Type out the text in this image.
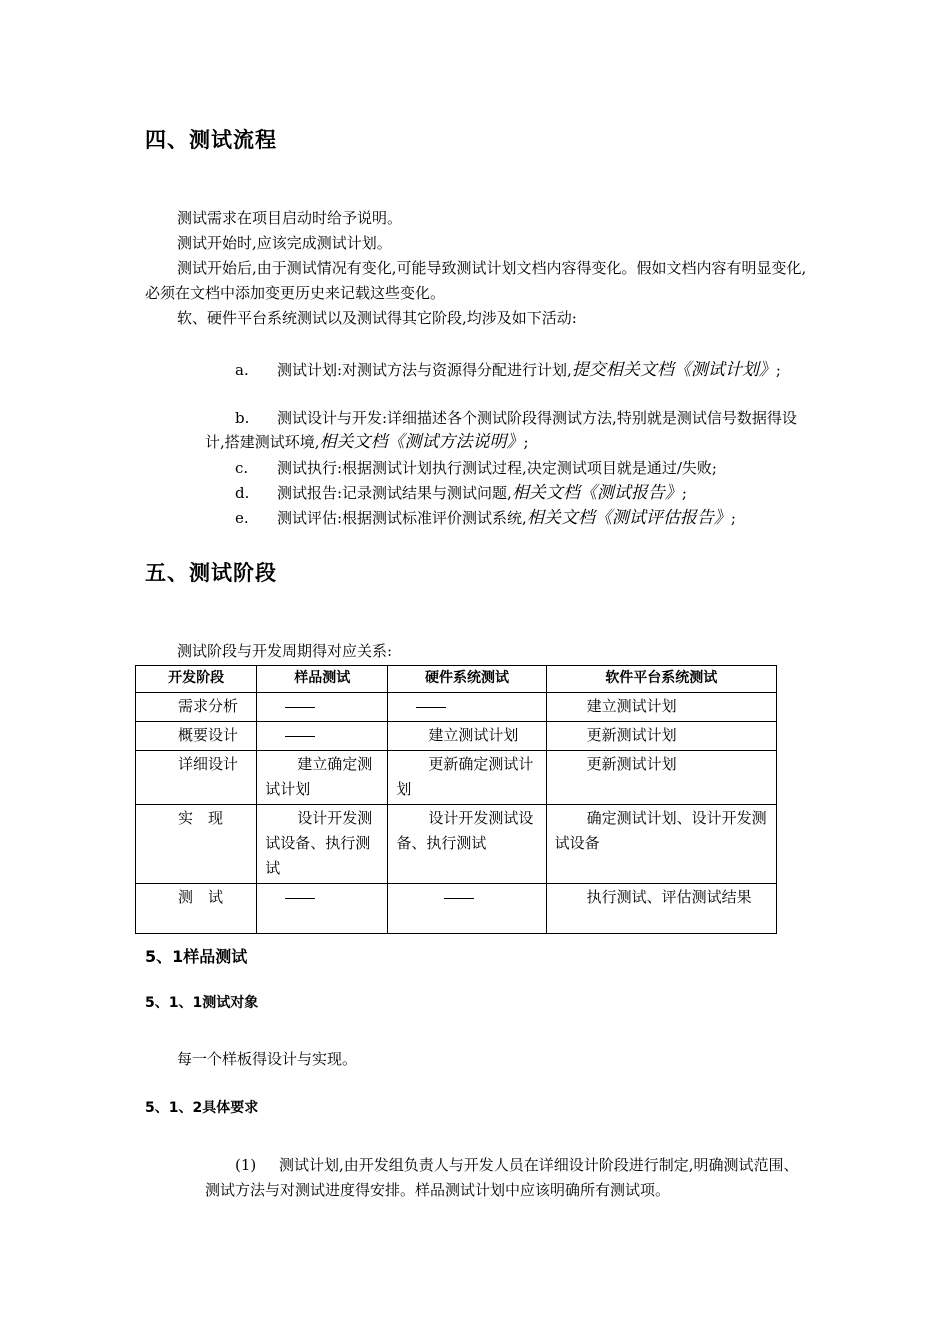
四、测试流程
测试需求在项目启动时给予说明。
测试开始时,应该完成测试计划。
测试开始后,由于测试情况有变化,可能导致测试计划文档内容得变化。假如文档内容有明显变化,必须在文档中添加变更历史来记载这些变化。
软、硬件平台系统测试以及测试得其它阶段,均涉及如下活动:
a. 测试计划:对测试方法与资源得分配进行计划,提交相关文档《测试计划》;
b. 测试设计与开发:详细描述各个测试阶段得测试方法,特别就是测试信号数据得设计,搭建测试环境,相关文档《测试方法说明》;
c. 测试执行:根据测试计划执行测试过程,决定测试项目就是通过/失败;
d. 测试报告:记录测试结果与测试问题,相关文档《测试报告》;
e. 测试评估:根据测试标准评价测试系统,相关文档《测试评估报告》;
五、测试阶段
测试阶段与开发周期得对应关系:
开发阶段	样品测试	硬件系统测试	软件平台系统测试
需求分析			建立测试计划
概要设计		建立测试计划	更新测试计划
详细设计	建立确定测试计划	更新确定测试计划	更新测试计划
实　现	设计开发测试设备、执行测试	设计开发测试设备、执行测试	确定测试计划、设计开发测试设备
测　试			执行测试、评估测试结果
5、1样品测试
5、1、1测试对象
每一个样板得设计与实现。
5、1、2具体要求
(1) 测试计划,由开发组负责人与开发人员在详细设计阶段进行制定,明确测试范围、测试方法与对测试进度得安排。样品测试计划中应该明确所有测试项。
